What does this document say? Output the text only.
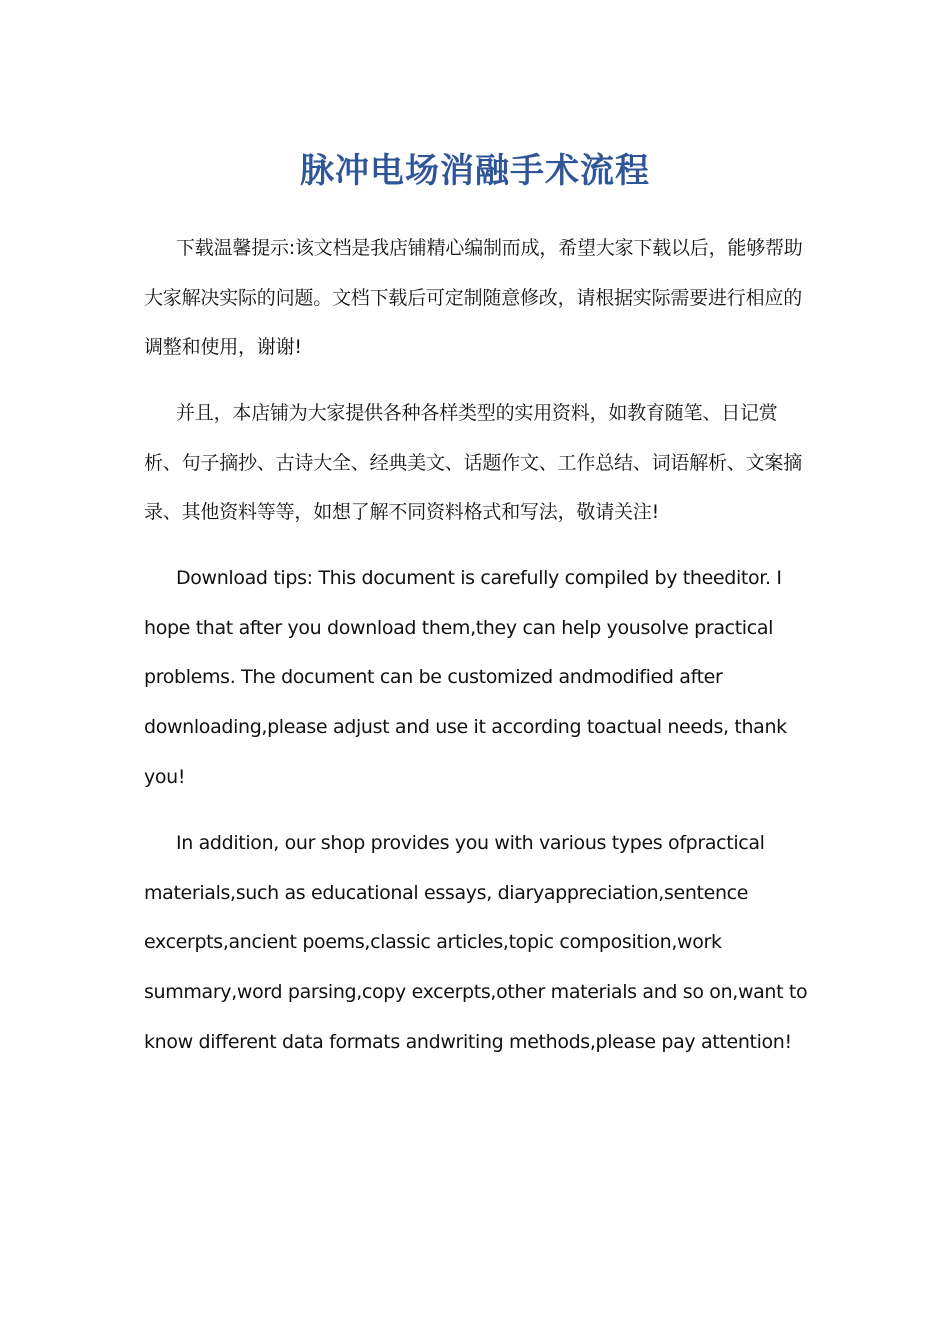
脉冲电场消融手术流程

下载温馨提示:该文档是我店铺精心编制而成，希望大家下载以后，能够帮助大家解决实际的问题。文档下载后可定制随意修改，请根据实际需要进行相应的调整和使用，谢谢!

并且，本店铺为大家提供各种各样类型的实用资料，如教育随笔、日记赏析、句子摘抄、古诗大全、经典美文、话题作文、工作总结、词语解析、文案摘录、其他资料等等，如想了解不同资料格式和写法，敬请关注!

Download tips: This document is carefully compiled by theeditor. I hope that after you download them,they can help yousolve practical problems. The document can be customized andmodified after downloading,please adjust and use it according toactual needs, thank you!

In addition, our shop provides you with various types ofpractical materials,such as educational essays, diaryappreciation,sentence excerpts,ancient poems,classic articles,topic composition,work summary,word parsing,copy excerpts,other materials and so on,want to know different data formats andwriting methods,please pay attention!
